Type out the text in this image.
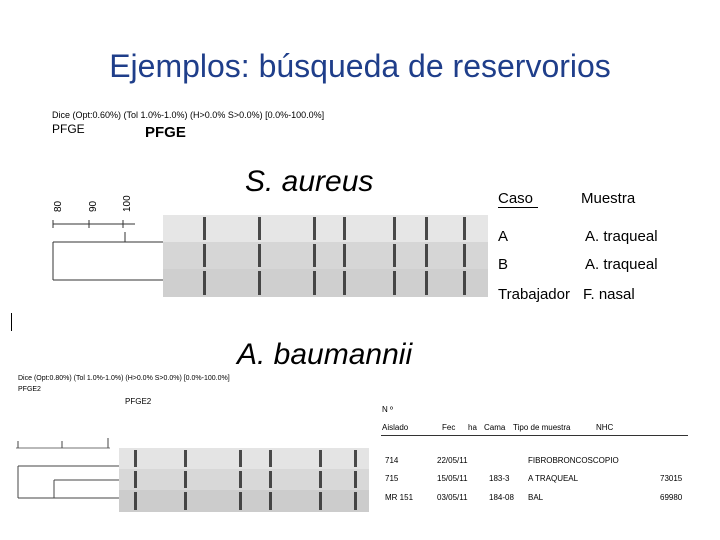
Ejemplos: búsqueda de reservorios
Dice (Opt:0.60%) (Tol 1.0%-1.0%) (H>0.0% S>0.0%) [0.0%-100.0%]
PFGE	PFGE
80 90 100
S. aureus
Caso	Muestra
A	A. traqueal
B	A. traqueal
Trabajador F. nasal
A. baumannii
Dice (Opt:0.80%) (Tol 1.0%-1.0%) (H>0.0% S>0.0%) [0.0%-100.0%]
PFGE2
PFGE2
N º
Aislado	Fec ha Cama Tipo de muestra	NHC
714	22/05/11	FIBROBRONCOSCOPIO
715	15/05/11	183-3 A TRAQUEAL	73015
MR 151	03/05/11	184-08 BAL	69980
